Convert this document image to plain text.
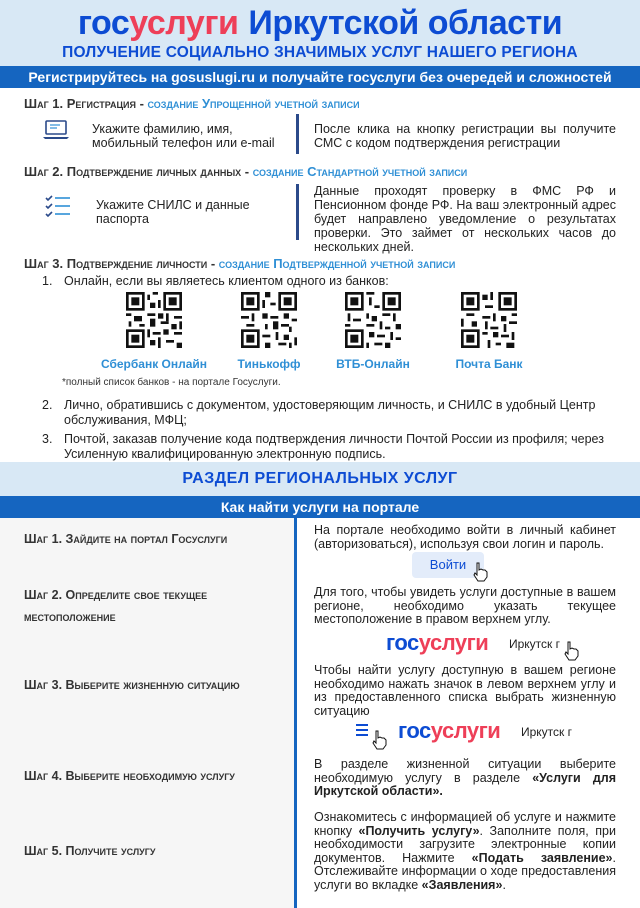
госуслуги Иркутской области
ПОЛУЧЕНИЕ СОЦИАЛЬНО ЗНАЧИМЫХ УСЛУГ НАШЕГО РЕГИОНА
Регистрируйтесь на gosuslugi.ru и получайте госуслуги без очередей и сложностей
Шаг 1. Регистрация - создание Упрощенной учетной записи
Укажите фамилию, имя, мобильный телефон или e-mail
После клика на кнопку регистрации вы получите СМС с кодом подтверждения регистрации
Шаг 2. Подтверждение личных данных - создание Стандартной учетной записи
Укажите СНИЛС и данные паспорта
Данные проходят проверку в ФМС РФ и Пенсионном фонде РФ. На ваш электронный адрес будет направлено уведомление о результатах проверки. Это займет от нескольких часов до нескольких дней.
Шаг 3. Подтверждение личности - создание Подтвержденной учетной записи
1. Онлайн, если вы являетесь клиентом одного из банков:
Сбербанк Онлайн	Тинькофф	ВТБ-Онлайн	Почта Банк
*полный список банков - на портале Госуслуги.
2. Лично, обратившись с документом, удостоверяющим личность, и СНИЛС в удобный Центр обслуживания, МФЦ;
3. Почтой, заказав получение кода подтверждения личности Почтой России из профиля; через Усиленную квалифицированную электронную подпись.
РАЗДЕЛ РЕГИОНАЛЬНЫХ УСЛУГ
Как найти услуги на портале
Шаг 1. Зайдите на портал Госуслуги
На портале необходимо войти в личный кабинет (авторизоваться), используя свои логин и пароль.
Войти
Шаг 2. Определите свое текущее
местоположение
Для того, чтобы увидеть услуги доступные в вашем регионе, необходимо указать текущее местоположение в правом верхнем углу.
госуслуги Иркутск г
Шаг 3. Выберите жизненную ситуацию
Чтобы найти услугу доступную в вашем регионе необходимо нажать значок в левом верхнем углу и из предоставленного списка выбрать жизненную ситуацию
госуслуги Иркутск г
Шаг 4. Выберите необходимую услугу
В разделе жизненной ситуации выберите необходимую услугу в разделе «Услуги для Иркутской области».
Шаг 5. Получите услугу
Ознакомитесь с информацией об услуге и нажмите кнопку «Получить услугу». Заполните поля, при необходимости загрузите электронные копии документов. Нажмите «Подать заявление». Отслеживайте информации о ходе предоставления услуги во вкладке «Заявления».
